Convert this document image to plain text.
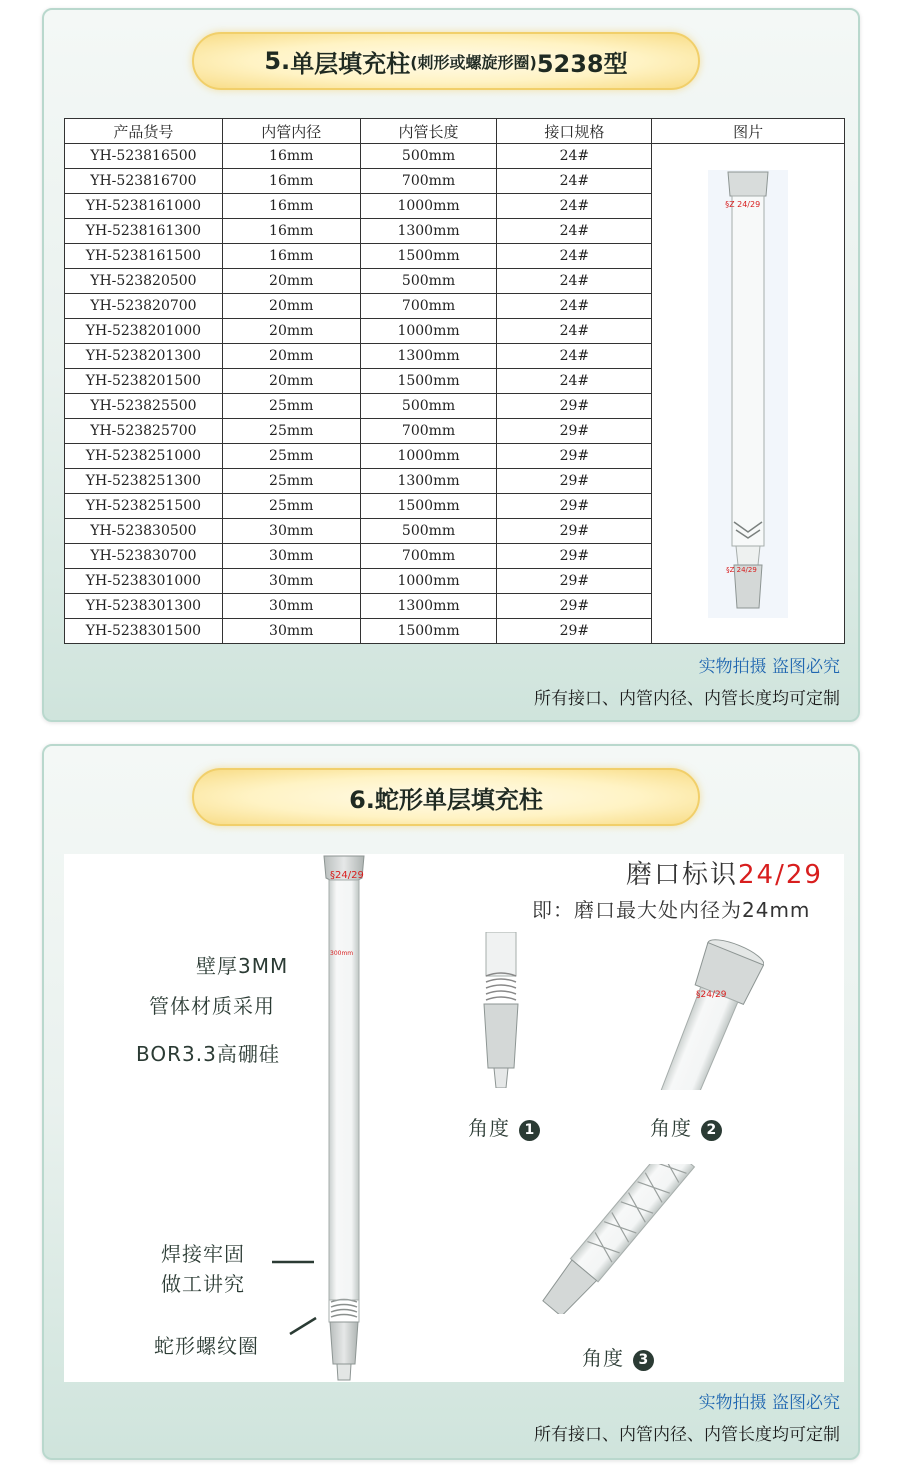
5. 单层填充柱 (刺形或螺旋形圈) 5238型
产品货号	内管内径	内管长度	接口规格	图片
YH-523816500	16mm	500mm	24#	§Z 24/29
§Z 24/29

YH-523816700	16mm	700mm	24#	
YH-5238161000	16mm	1000mm	24#	
YH-5238161300	16mm	1300mm	24#	
YH-5238161500	16mm	1500mm	24#	
YH-523820500	20mm	500mm	24#	
YH-523820700	20mm	700mm	24#	
YH-5238201000	20mm	1000mm	24#	
YH-5238201300	20mm	1300mm	24#	
YH-5238201500	20mm	1500mm	24#	
YH-523825500	25mm	500mm	29#	
YH-523825700	25mm	700mm	29#	
YH-5238251000	25mm	1000mm	29#	
YH-5238251300	25mm	1300mm	29#	
YH-5238251500	25mm	1500mm	29#	
YH-523830500	30mm	500mm	29#	
YH-523830700	30mm	700mm	29#	
YH-5238301000	30mm	1000mm	29#	
YH-5238301300	30mm	1300mm	29#	
YH-5238301500	30mm	1500mm	29#	
实物拍摄 盗图必究
所有接口、内管内径、内管长度均可定制
6.蛇形单层填充柱
§24/29
300mm
壁厚3MM
管体材质采用
BOR3.3高硼硅
焊接牢固
做工讲究
蛇形螺纹圈
磨口标识24/29
即：磨口最大处内径为24mm
角度 1
§24/29
角度 2
角度 3
实物拍摄 盗图必究
所有接口、内管内径、内管长度均可定制
